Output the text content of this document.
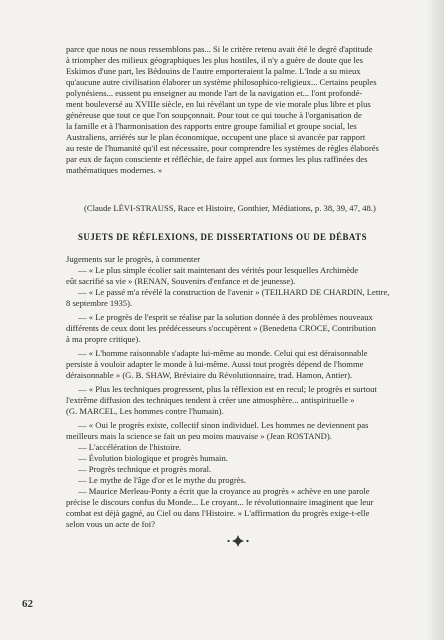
parce que nous ne nous ressemblons pas... Si le critère retenu avait été le degré d'aptitude

à triompher des milieux géographiques les plus hostiles, il n'y a guère de doute que les

Eskimos d'une part, les Bédouins de l'autre emporteraient la palme. L'Inde a su mieux

qu'aucune autre civilisation élaborer un système philosophico-religieux... Certains peuples

polynésiens... eussent pu enseigner au monde l'art de la navigation et... l'ont profondé-

ment bouleversé au XVIIIe siècle, en lui révélant un type de vie morale plus libre et plus

généreuse que tout ce que l'on soupçonnait. Pour tout ce qui touche à l'organisation de

la famille et à l'harmonisation des rapports entre groupe familial et groupe social, les

Australiens, arriérés sur le plan économique, occupent une place si avancée par rapport

au reste de l'humanité qu'il est nécessaire, pour comprendre les systèmes de règles élaborés

par eux de façon consciente et réfléchie, de faire appel aux formes les plus raffinées des

mathématiques modernes. »

(Claude LÉVI-STRAUSS, Race et Histoire, Gonthier, Médiations, p. 38, 39, 47, 48.)

SUJETS DE RÉFLEXIONS, DE DISSERTATIONS OU DE DÉBATS

Jugements sur le progrès, à commenter

— « Le plus simple écolier sait maintenant des vérités pour lesquelles Archimède

eût sacrifié sa vie » (RENAN, Souvenirs d'enfance et de jeunesse).

— « Le passé m'a révélé la construction de l'avenir » (TEILHARD DE CHARDIN, Lettre,

8 septembre 1935).

— « Le progrès de l'esprit se réalise par la solution donnée à des problèmes nouveaux

différents de ceux dont les prédécesseurs s'occupèrent » (Benedetta CROCE, Contribution

à ma propre critique).

— « L'homme raisonnable s'adapte lui-même au monde. Celui qui est déraisonnable

persiste à vouloir adapter le monde à lui-même. Aussi tout progrès dépend de l'homme

déraisonnable » (G. B. SHAW, Bréviaire du Révolutionnaire, trad. Hamon, Antier).

— « Plus les techniques progressent, plus la réflexion est en recul; le progrès et surtout

l'extrême diffusion des techniques tendent à créer une atmosphère... antispirituelle »

(G. MARCEL, Les hommes contre l'humain).

— « Oui le progrès existe, collectif sinon individuel. Les hommes ne deviennent pas

meilleurs mais la science se fait un peu moins mauvaise » (Jean ROSTAND).

— L'accélération de l'histoire.

— Évolution biologique et progrès humain.

— Progrès technique et progrès moral.

— Le mythe de l'âge d'or et le mythe du progrès.

— Maurice Merleau-Ponty a écrit que la croyance au progrès « achève en une parole

précise le discours confus du Monde... Le croyant... le révolutionnaire imaginent que leur

combat est déjà gagné, au Ciel ou dans l'Histoire. » L'affirmation du progrès exige-t-elle

selon vous un acte de foi?

62
